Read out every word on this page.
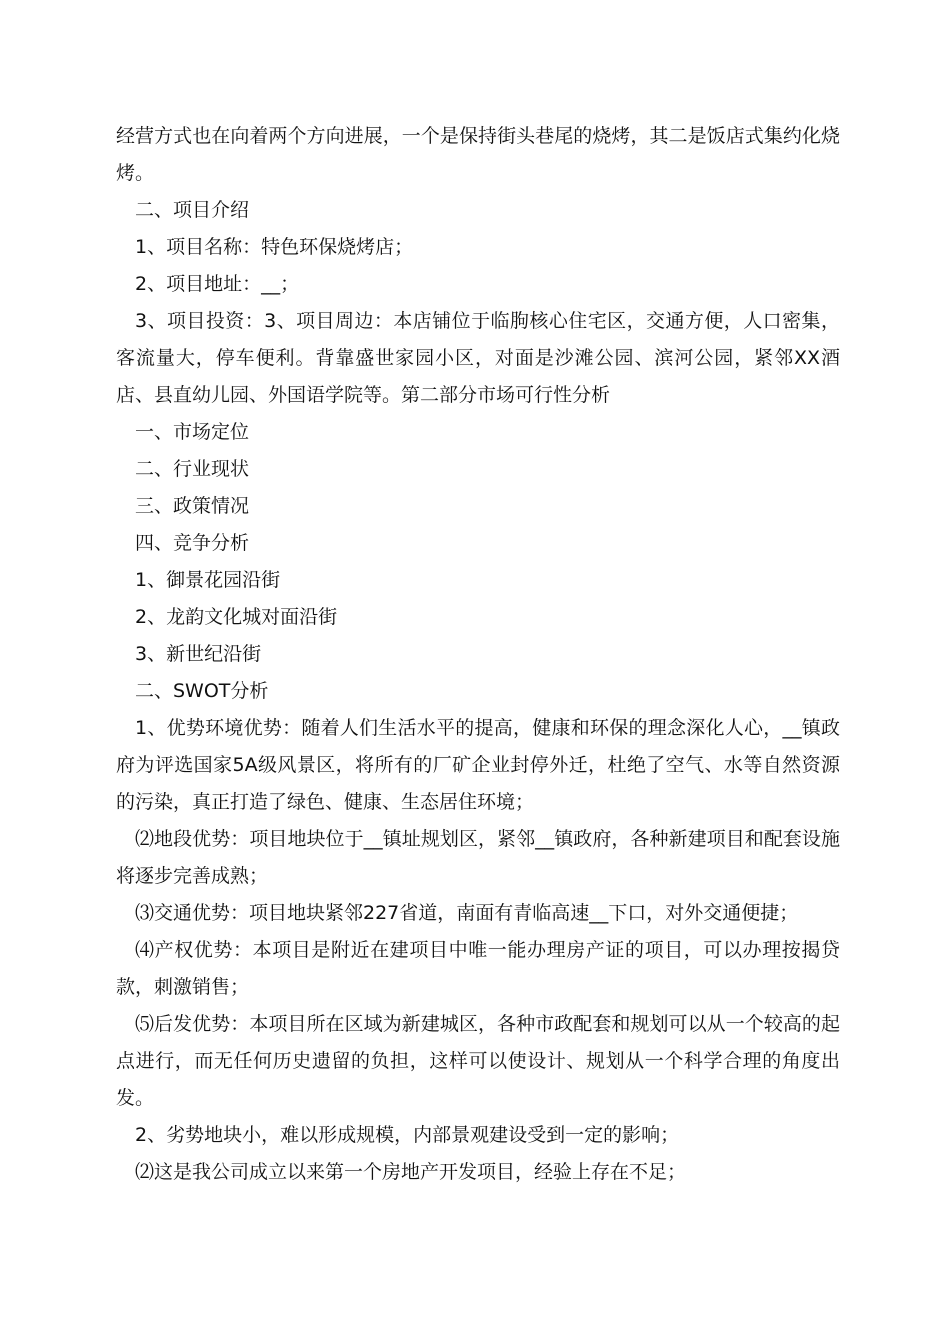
经营方式也在向着两个方向进展，一个是保持街头巷尾的烧烤，其二是饭店式集约化烧烤。

二、项目介绍

1、项目名称：特色环保烧烤店；

2、项目地址：__；

3、项目投资：3、项目周边：本店铺位于临朐核心住宅区，交通方便，人口密集，客流量大，停车便利。背靠盛世家园小区，对面是沙滩公园、滨河公园，紧邻XX酒店、县直幼儿园、外国语学院等。第二部分市场可行性分析

一、市场定位

二、行业现状

三、政策情况

四、竞争分析

1、御景花园沿街

2、龙韵文化城对面沿街

3、新世纪沿街

二、SWOT分析

1、优势环境优势：随着人们生活水平的提高，健康和环保的理念深化人心，__镇政府为评选国家5A级风景区，将所有的厂矿企业封停外迁，杜绝了空气、水等自然资源的污染，真正打造了绿色、健康、生态居住环境；

⑵地段优势：项目地块位于__镇址规划区，紧邻__镇政府，各种新建项目和配套设施将逐步完善成熟；

⑶交通优势：项目地块紧邻227省道，南面有青临高速__下口，对外交通便捷；

⑷产权优势：本项目是附近在建项目中唯一能办理房产证的项目，可以办理按揭贷款，刺激销售；

⑸后发优势：本项目所在区域为新建城区，各种市政配套和规划可以从一个较高的起点进行，而无任何历史遗留的负担，这样可以使设计、规划从一个科学合理的角度出发。

2、劣势地块小，难以形成规模，内部景观建设受到一定的影响；

⑵这是我公司成立以来第一个房地产开发项目，经验上存在不足；
